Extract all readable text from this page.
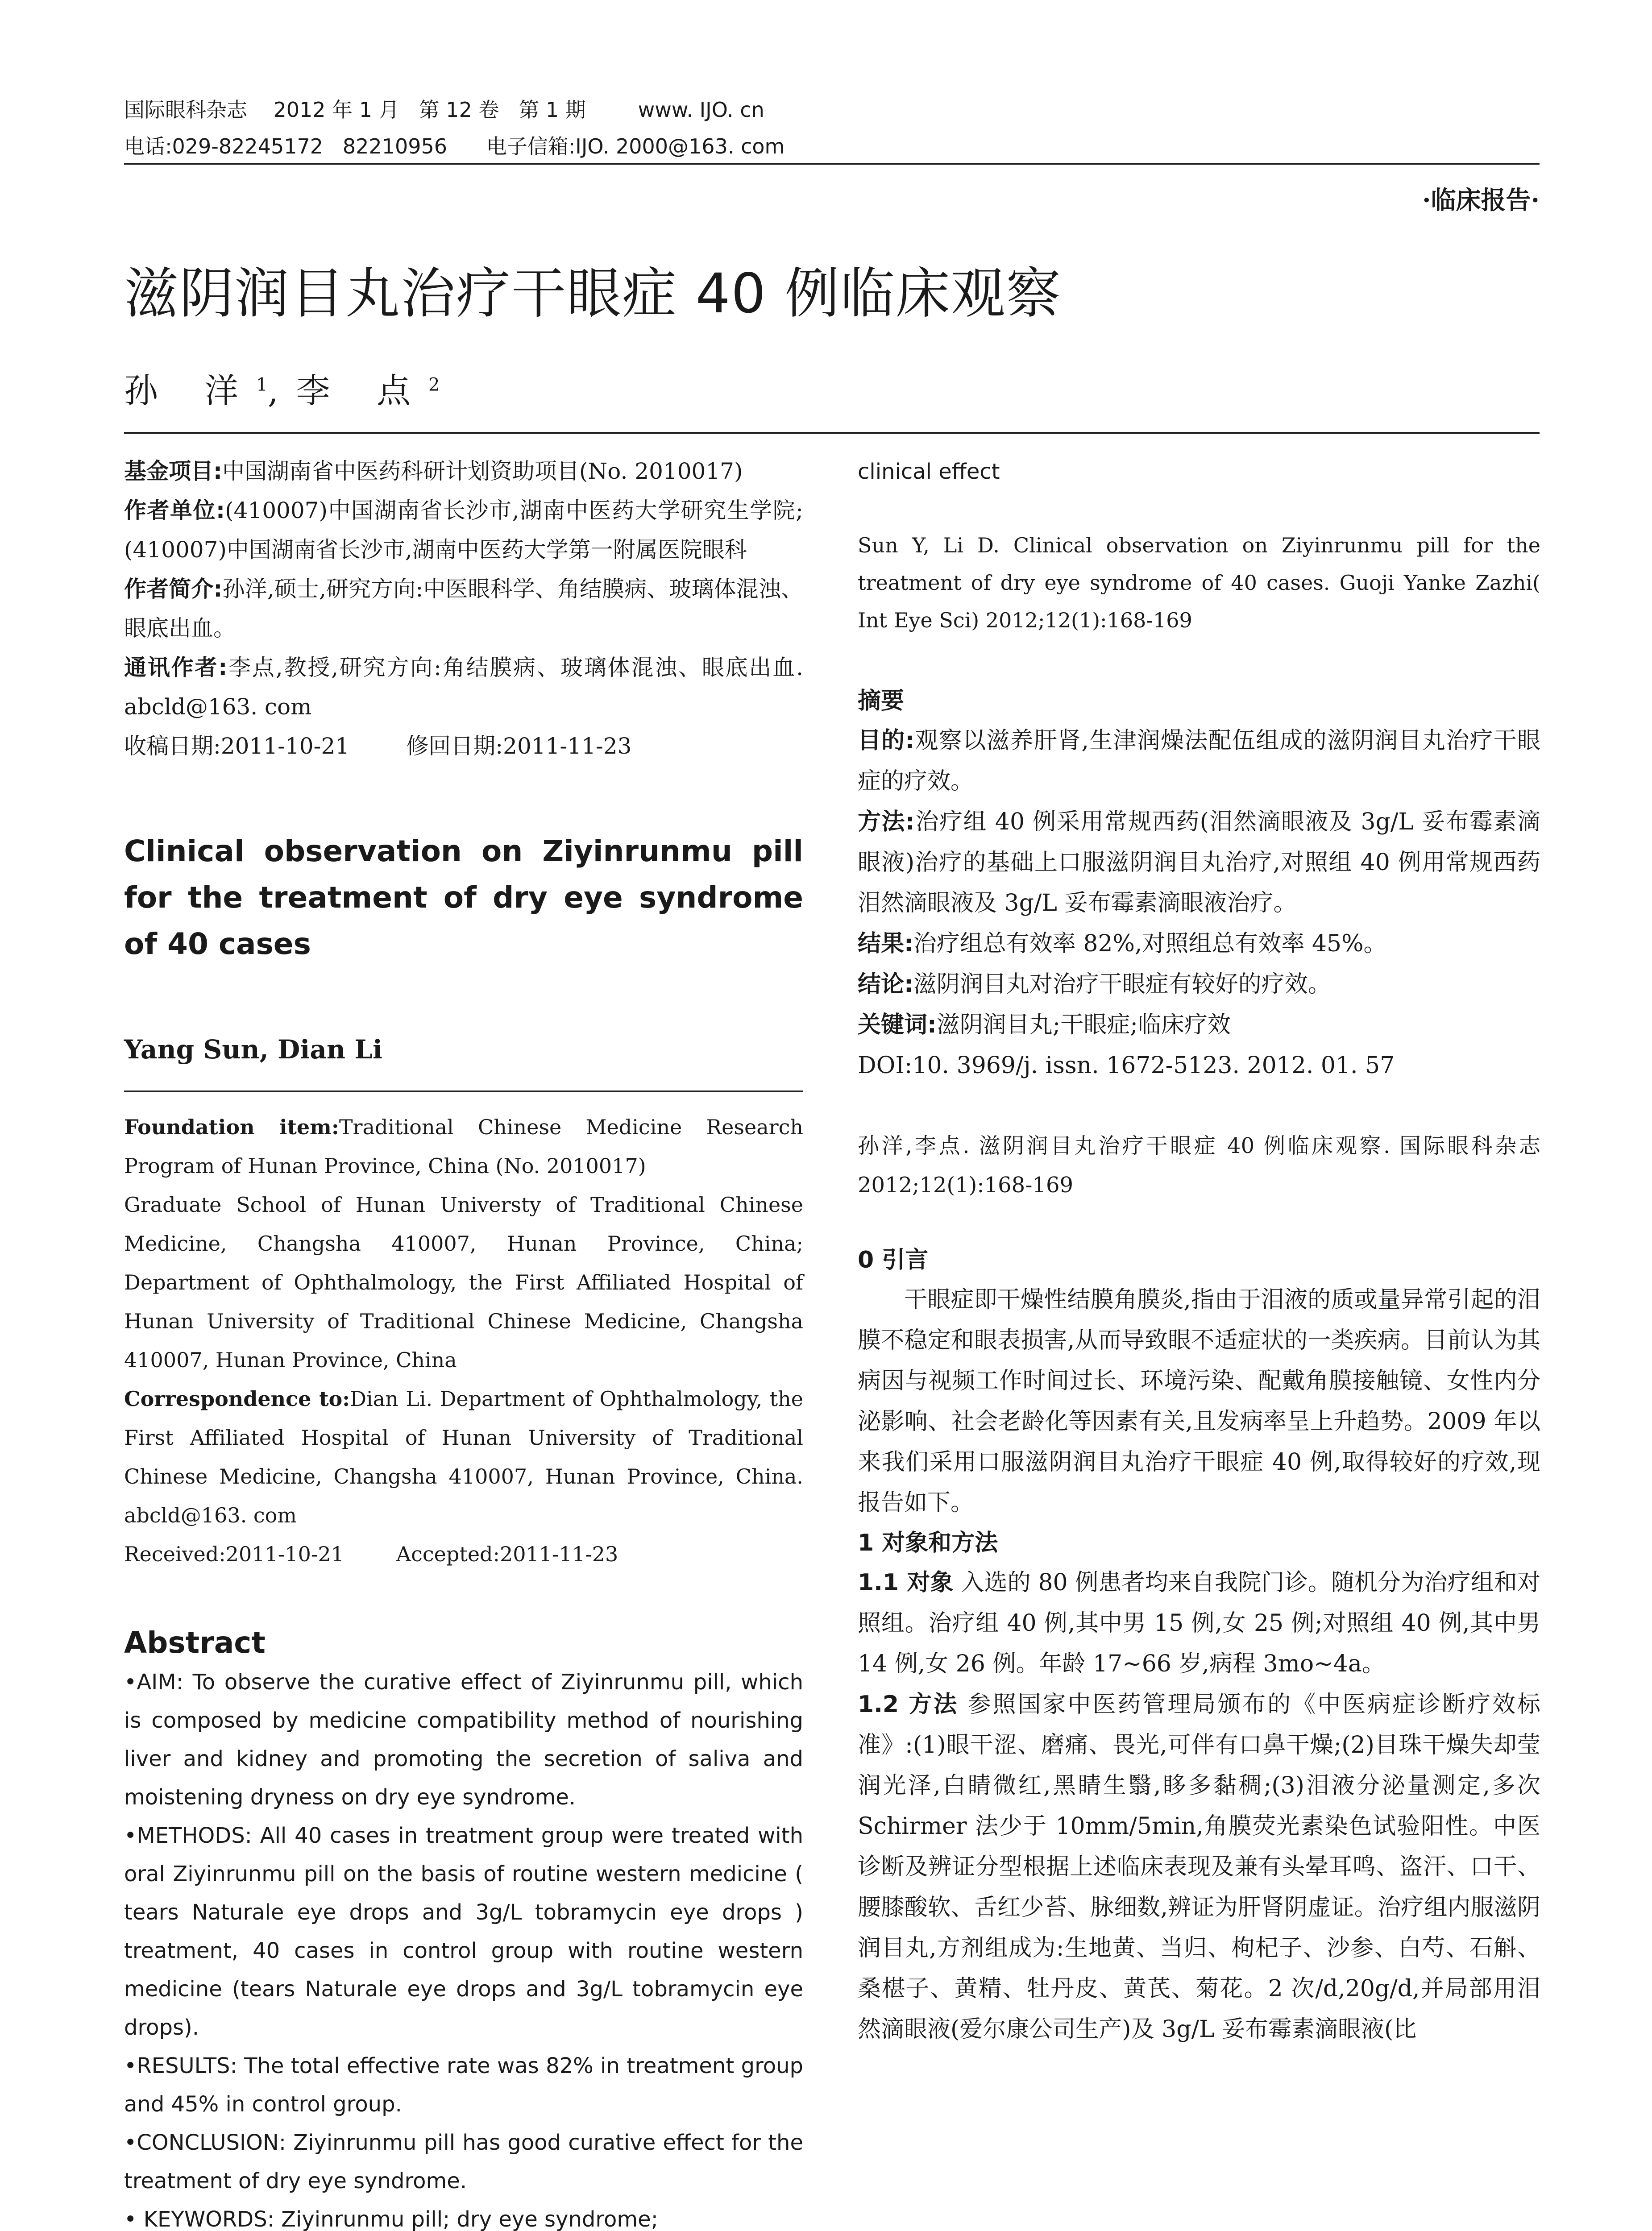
国际眼科杂志    2012 年 1 月   第 12 卷   第 1 期        www. IJO. cn
电话:029-82245172   82210956      电子信箱:IJO. 2000@163. com
·临床报告·
滋阴润目丸治疗干眼症 40 例临床观察
孙 洋$^1$,李 点$^2$

基金项目:中国湖南省中医药科研计划资助项目(No. 2010017)

作者单位:(410007)中国湖南省长沙市,湖南中医药大学研究生学院;(410007)中国湖南省长沙市,湖南中医药大学第一附属医院眼科

作者简介:孙洋,硕士,研究方向:中医眼科学、角结膜病、玻璃体混浊、眼底出血。

通讯作者:李点,教授,研究方向:角结膜病、玻璃体混浊、眼底出血. abcld@163. com

收稿日期:2011-10-21	修回日期:2011-11-23
Clinical observation on Ziyinrunmu pill for the treatment of dry eye syndrome of 40 cases
Yang Sun, Dian Li

Foundation item:Traditional Chinese Medicine Research Program of Hunan Province, China (No. 2010017)

Graduate School of Hunan Universty of Traditional Chinese Medicine, Changsha 410007, Hunan Province, China; Department of Ophthalmology, the First Affiliated Hospital of Hunan University of Traditional Chinese Medicine, Changsha 410007, Hunan Province, China

Correspondence to:Dian Li. Department of Ophthalmology, the First Affiliated Hospital of Hunan University of Traditional Chinese Medicine, Changsha 410007, Hunan Province, China. abcld@163. com

Received:2011-10-21	Accepted:2011-11-23

Abstract

•AIM: To observe the curative effect of Ziyinrunmu pill, which is composed by medicine compatibility method of nourishing liver and kidney and promoting the secretion of saliva and moistening dryness on dry eye syndrome.

•METHODS: All 40 cases in treatment group were treated with oral Ziyinrunmu pill on the basis of routine western medicine ( tears Naturale eye drops and 3g/L tobramycin eye drops ) treatment, 40 cases in control group with routine western medicine (tears Naturale eye drops and 3g/L tobramycin eye drops).

•RESULTS: The total effective rate was 82% in treatment group and 45% in control group.

•CONCLUSION: Ziyinrunmu pill has good curative effect for the treatment of dry eye syndrome.

• KEYWORDS: Ziyinrunmu pill; dry eye syndrome;

clinical effect

Sun Y, Li D. Clinical observation on Ziyinrunmu pill for the treatment of dry eye syndrome of 40 cases. Guoji Yanke Zazhi( Int Eye Sci) 2012;12(1):168-169

摘要

目的:观察以滋养肝肾,生津润燥法配伍组成的滋阴润目丸治疗干眼症的疗效。

方法:治疗组 40 例采用常规西药(泪然滴眼液及 3g/L 妥布霉素滴眼液)治疗的基础上口服滋阴润目丸治疗,对照组 40 例用常规西药泪然滴眼液及 3g/L 妥布霉素滴眼液治疗。

结果:治疗组总有效率 82%,对照组总有效率 45%。

结论:滋阴润目丸对治疗干眼症有较好的疗效。

关键词:滋阴润目丸;干眼症;临床疗效

DOI:10. 3969/j. issn. 1672-5123. 2012. 01. 57

孙洋,李点. 滋阴润目丸治疗干眼症 40 例临床观察. 国际眼科杂志 2012;12(1):168-169

0 引言

干眼症即干燥性结膜角膜炎,指由于泪液的质或量异常引起的泪膜不稳定和眼表损害,从而导致眼不适症状的一类疾病。目前认为其病因与视频工作时间过长、环境污染、配戴角膜接触镜、女性内分泌影响、社会老龄化等因素有关,且发病率呈上升趋势。2009 年以来我们采用口服滋阴润目丸治疗干眼症 40 例,取得较好的疗效,现报告如下。

1 对象和方法

1.1 对象 入选的 80 例患者均来自我院门诊。随机分为治疗组和对照组。治疗组 40 例,其中男 15 例,女 25 例;对照组 40 例,其中男 14 例,女 26 例。年龄 17~66 岁,病程 3mo~4a。

1.2 方法 参照国家中医药管理局颁布的《中医病症诊断疗效标准》:(1)眼干涩、磨痛、畏光,可伴有口鼻干燥;(2)目珠干燥失却莹润光泽,白睛微红,黑睛生翳,眵多黏稠;(3)泪液分泌量测定,多次 Schirmer 法少于 10mm/5min,角膜荧光素染色试验阳性。中医诊断及辨证分型根据上述临床表现及兼有头晕耳鸣、盗汗、口干、腰膝酸软、舌红少苔、脉细数,辨证为肝肾阴虚证。治疗组内服滋阴润目丸,方剂组成为:生地黄、当归、枸杞子、沙参、白芍、石斛、桑椹子、黄精、牡丹皮、黄芪、菊花。2 次/d,20g/d,并局部用泪然滴眼液(爱尔康公司生产)及 3g/L 妥布霉素滴眼液(比
